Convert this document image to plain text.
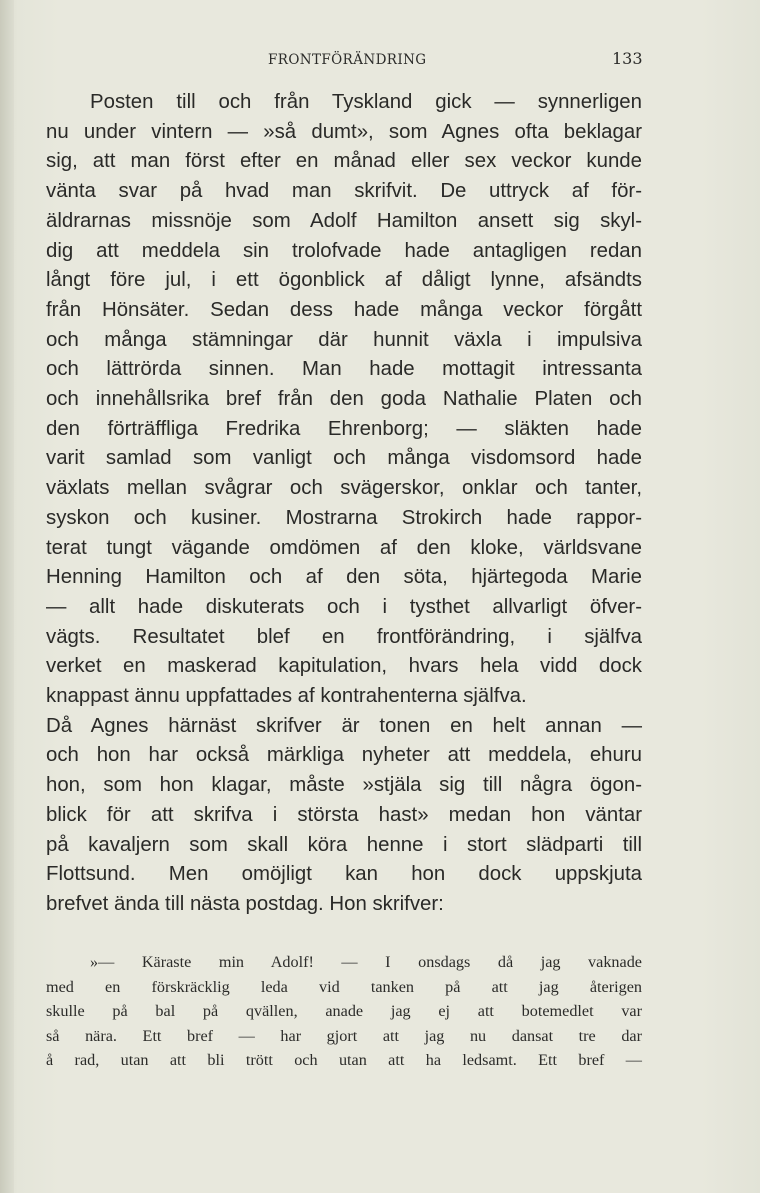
FRONTFÖRÄNDRING	133
Posten till och från Tyskland gick — synnerligen
nu under vintern — »så dumt», som Agnes ofta beklagar
sig, att man först efter en månad eller sex veckor kunde
vänta svar på hvad man skrifvit. De uttryck af för-
äldrarnas missnöje som Adolf Hamilton ansett sig skyl-
dig att meddela sin trolofvade hade antagligen redan
långt före jul, i ett ögonblick af dåligt lynne, afsändts
från Hönsäter. Sedan dess hade många veckor förgått
och många stämningar där hunnit växla i impulsiva
och lättrörda sinnen. Man hade mottagit intressanta
och innehållsrika bref från den goda Nathalie Platen och
den förträffliga Fredrika Ehrenborg; — släkten hade
varit samlad som vanligt och många visdomsord hade
växlats mellan svågrar och svägerskor, onklar och tanter,
syskon och kusiner. Mostrarna Strokirch hade rappor-
terat tungt vägande omdömen af den kloke, världsvane
Henning Hamilton och af den söta, hjärtegoda Marie
— allt hade diskuterats och i tysthet allvarligt öfver-
vägts. Resultatet blef en frontförändring, i själfva
verket en maskerad kapitulation, hvars hela vidd dock
knappast ännu uppfattades af kontrahenterna själfva.
Då Agnes härnäst skrifver är tonen en helt annan —
och hon har också märkliga nyheter att meddela, ehuru
hon, som hon klagar, måste »stjäla sig till några ögon-
blick för att skrifva i största hast» medan hon väntar
på kavaljern som skall köra henne i stort slädparti till
Flottsund. Men omöjligt kan hon dock uppskjuta
brefvet ända till nästa postdag. Hon skrifver:
»— Käraste min Adolf! — I onsdags då jag vaknade
med en förskräcklig leda vid tanken på att jag återigen
skulle på bal på qvällen, anade jag ej att botemedlet var
så nära. Ett bref — har gjort att jag nu dansat tre dar
å rad, utan att bli trött och utan att ha ledsamt. Ett bref —
